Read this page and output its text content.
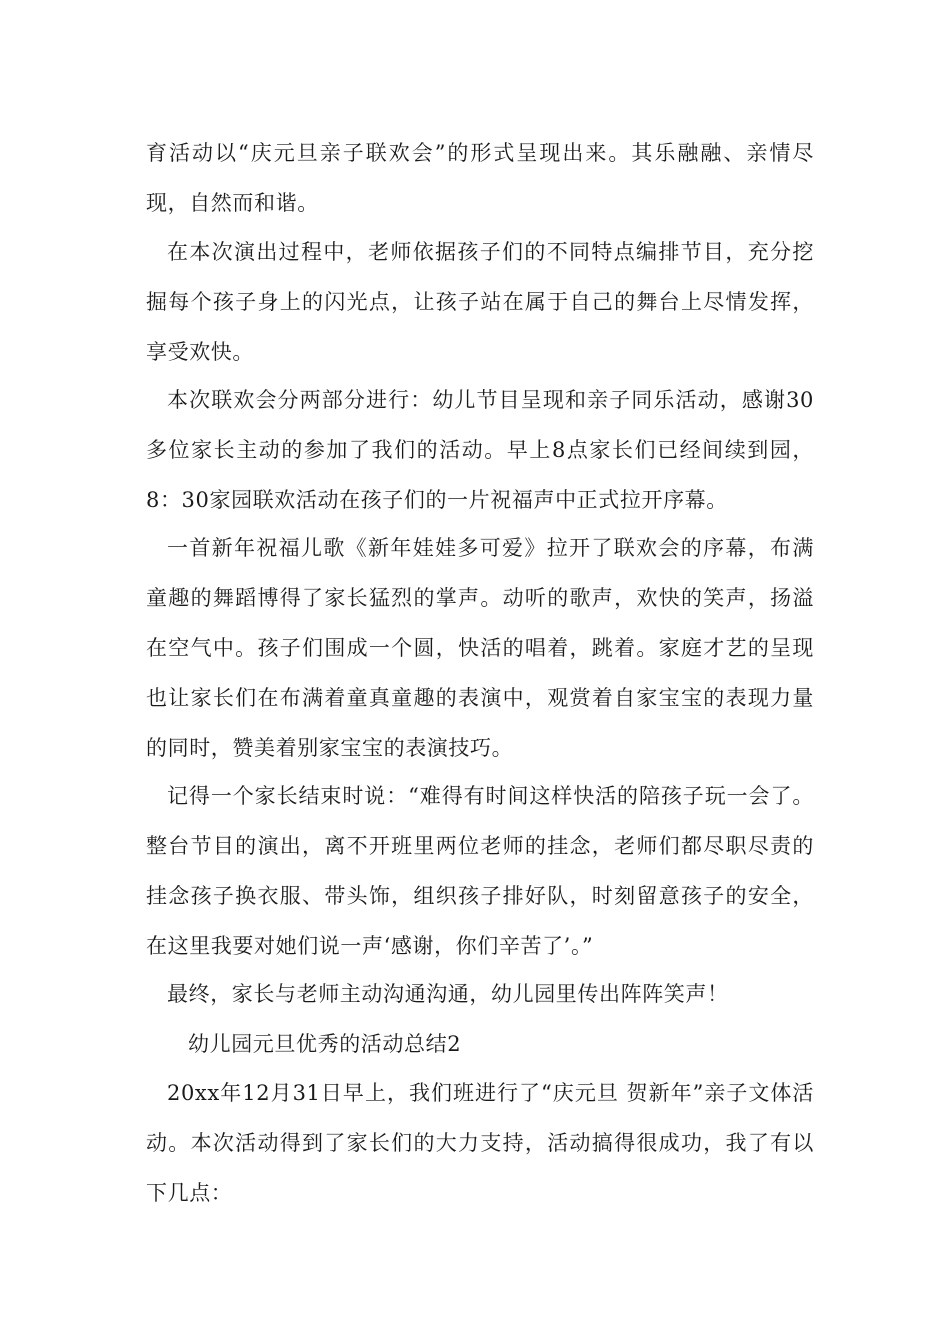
育活动以“庆元旦亲子联欢会”的形式呈现出来。其乐融融、亲情尽现，自然而和谐。

在本次演出过程中，老师依据孩子们的不同特点编排节目，充分挖掘每个孩子身上的闪光点，让孩子站在属于自己的舞台上尽情发挥，享受欢快。

本次联欢会分两部分进行：幼儿节目呈现和亲子同乐活动，感谢30多位家长主动的参加了我们的活动。早上8点家长们已经间续到园，8：30家园联欢活动在孩子们的一片祝福声中正式拉开序幕。

一首新年祝福儿歌《新年娃娃多可爱》拉开了联欢会的序幕，布满童趣的舞蹈博得了家长猛烈的掌声。动听的歌声，欢快的笑声，扬溢在空气中。孩子们围成一个圆，快活的唱着，跳着。家庭才艺的呈现也让家长们在布满着童真童趣的表演中，观赏着自家宝宝的表现力量的同时，赞美着别家宝宝的表演技巧。

记得一个家长结束时说：“难得有时间这样快活的陪孩子玩一会了。整台节目的演出，离不开班里两位老师的挂念，老师们都尽职尽责的挂念孩子换衣服、带头饰，组织孩子排好队，时刻留意孩子的安全，在这里我要对她们说一声‘感谢，你们辛苦了’。”

最终，家长与老师主动沟通沟通，幼儿园里传出阵阵笑声！

幼儿园元旦优秀的活动总结2

20xx年12月31日早上，我们班进行了“庆元旦 贺新年”亲子文体活动。本次活动得到了家长们的大力支持，活动搞得很成功，我了有以下几点：
